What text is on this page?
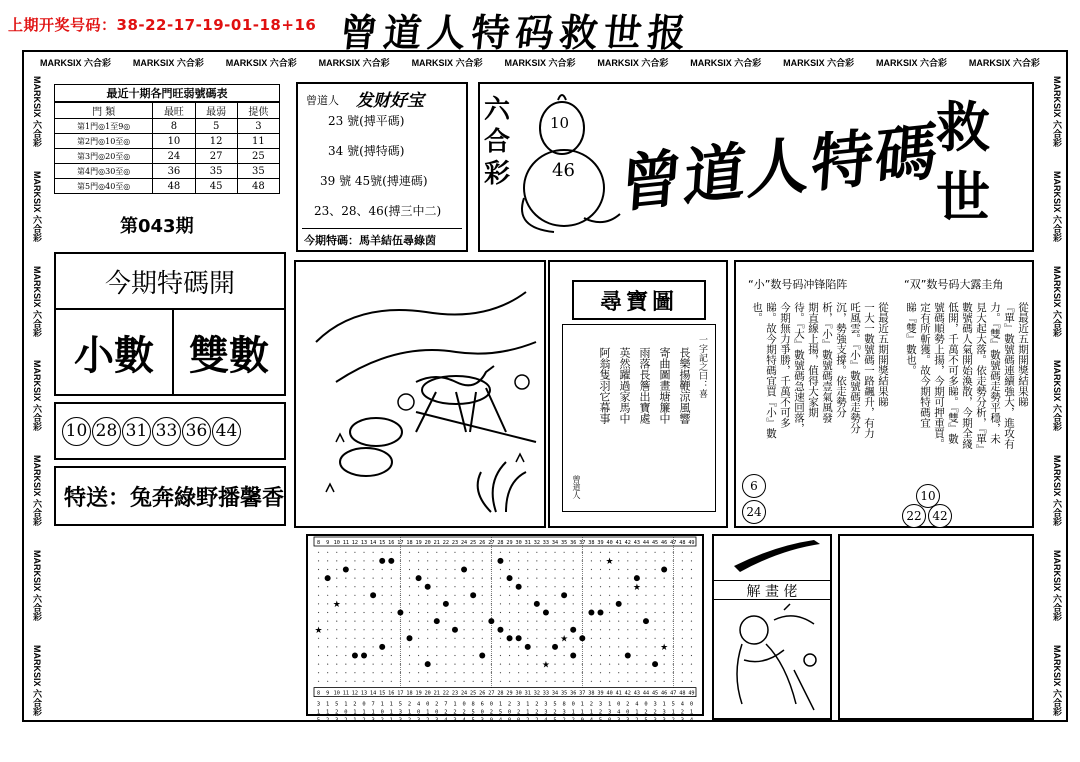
上期开奖号码：38-22-17-19-01-18+16 曾道人特码救世报
MARKSIX 六合彩 MARKSIX 六合彩 MARKSIX 六合彩 MARKSIX 六合彩 MARKSIX 六合彩 MARKSIX 六合彩 MARKSIX 六合彩 MARKSIX 六合彩 MARKSIX 六合彩 MARKSIX 六合彩 MARKSIX 六合彩
MARKSIX 六合彩
MARKSIX 六合彩
MARKSIX 六合彩
MARKSIX 六合彩
MARKSIX 六合彩
MARKSIX 六合彩
MARKSIX 六合彩
MARKSIX 六合彩
MARKSIX 六合彩
MARKSIX 六合彩
MARKSIX 六合彩
MARKSIX 六合彩
MARKSIX 六合彩
MARKSIX 六合彩
最近十期各門旺弱號碼表
門 類	最旺	最弱	提供
第1門◎1至9◎	8	5	3
第2門◎10至◎	10	12	11
第3門◎20至◎	24	27	25
第4門◎30至◎	36	35	35
第5門◎40至◎	48	45	48
第043期
曾道人 发财好宝
23 號(搏平碼)
34 號(搏特碼)
39 號 45號(搏連碼)
23、28、46(搏三中二)
今期特碼：馬羊結伍尋綠茵
六
合
彩
10
46 曾道人特碼
救
世
今期特碼開
小數 雙數
10 28 31 33 36 44
特送：兔奔綠野播馨香
尋寶圖
一字記之曰：喜
長樂揚鞭涼風響
寄曲圖畫塘簾中
雨落長簷出寶處
英然躍過家馬中
阿翁隻羽它幕事
曾道人
“小”数号码冲锋陷阵	“双”数号码大露圭角
從最近五期開獎結果睇
一大一數號碼一路飆升，有力
吒風雲。『小』數號碼走勢分
沉，勢強支撐。依走勢分
析，『小』數號碼壹氣風發
期直線上揚，值得大家期
待。『大』數號碼急速回落，
今期無力爭勝，千萬不可多
睇。故今期特碼宜買『小』數
也。	從最近五期開獎結果睇
『單』數號碼連續強大，進攻有
力。『雙』數號碼走勢平穩，未
見大起大落。依走勢分析，『單』
數號碼人氣開始渙散，今期全綫
低開，千萬不可多睇。『雙』數
號碼順勢上揚，今期可押重買。
定有所斬獲。故今期特碼宜
睇『雙』數也。
6
24
10
22 42
8
8
9
9
10
10
11
11
12
12
13
13
14
14
15
15
16
16
17
17
18
18
19
19
20
20
21
21
22
22
23
23
24
24
25
25
26
26
27
27
28
28
29
29
30
30
31
31
32
32
33
33
34
34
35
35
36
36
37
37
38
38
39
39
40
40
41
41
42
42
43
43
44
44
45
45
46
46
47
47
48
48
49
49
★
★
★
★
★
★
★
3 1 5 1 2 0 7 1 1 5 2 4 0 2 7 1 0 8 6 0 1 2 3 1 2 3 5 8 0 1 2 3 1 0 2 4 0 3 1 5 4 0
1 1 2 0 1 1 1 0 1 3 1 0 1 0 2 2 2 5 0 2 5 0 2 1 2 3 2 3 1 1 1 2 3 4 0 1 2 2 3 1 2 1
5 2 3 2 1 2 3 2 1 3 2 3 2 3 4 3 4 5 3 0 4 0 0 2 2 4 5 2 2 0 4 5 0 3 3 2 5 3 3 2 3 4
解 畫 佬
